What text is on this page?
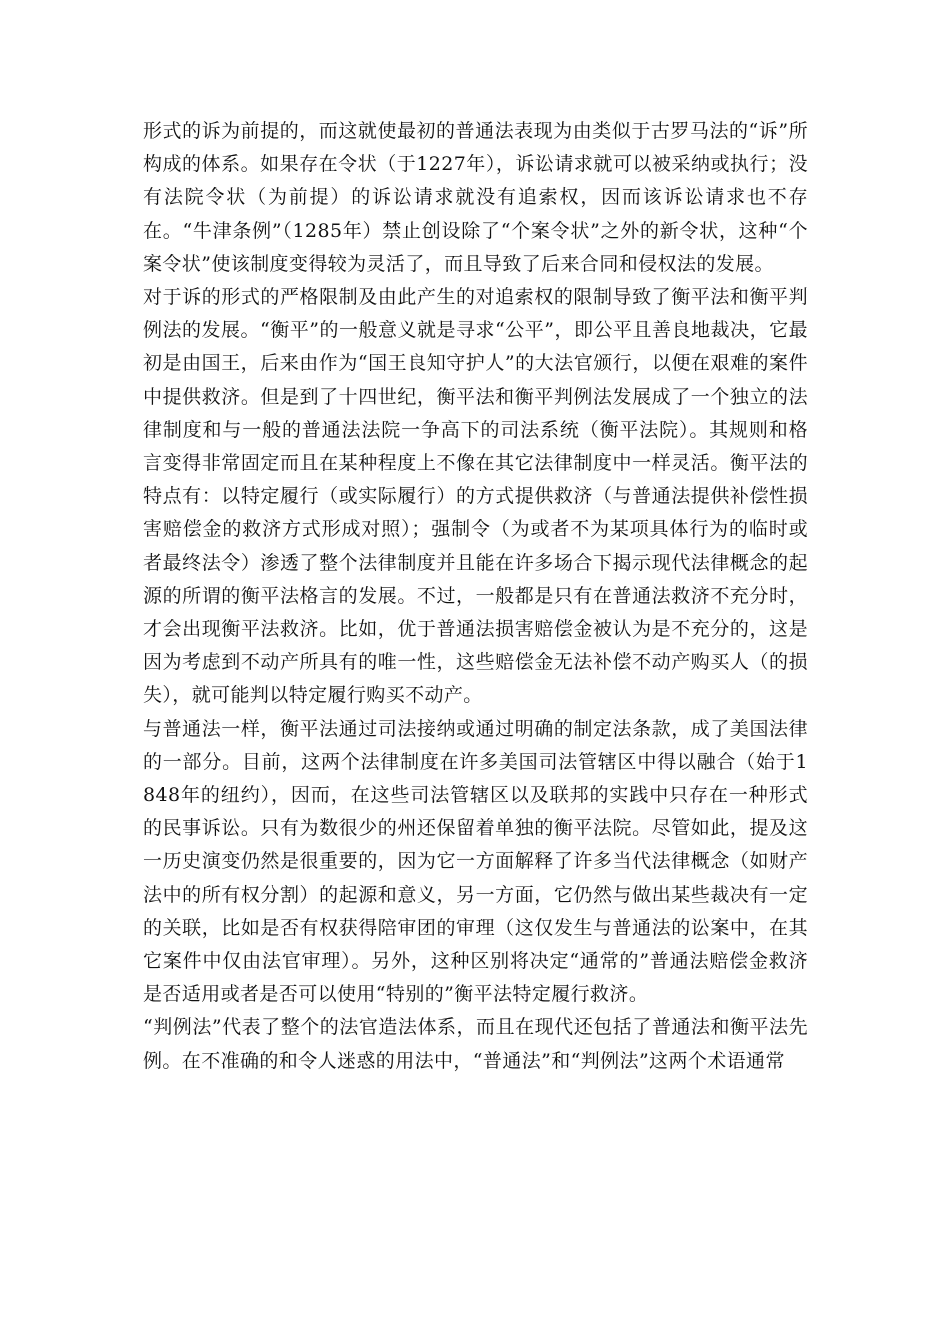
形式的诉为前提的，而这就使最初的普通法表现为由类似于古罗马法的“诉”所构成的体系。如果存在令状（于1227年），诉讼请求就可以被采纳或执行；没有法院令状（为前提）的诉讼请求就没有追索权，因而该诉讼请求也不存在。“牛津条例”（1285年）禁止创设除了“个案令状”之外的新令状，这种“个案令状”使该制度变得较为灵活了，而且导致了后来合同和侵权法的发展。

对于诉的形式的严格限制及由此产生的对追索权的限制导致了衡平法和衡平判例法的发展。“衡平”的一般意义就是寻求“公平”，即公平且善良地裁决，它最初是由国王，后来由作为“国王良知守护人”的大法官颁行，以便在艰难的案件中提供救济。但是到了十四世纪，衡平法和衡平判例法发展成了一个独立的法律制度和与一般的普通法法院一争高下的司法系统（衡平法院）。其规则和格言变得非常固定而且在某种程度上不像在其它法律制度中一样灵活。衡平法的特点有：以特定履行（或实际履行）的方式提供救济（与普通法提供补偿性损害赔偿金的救济方式形成对照）；强制令（为或者不为某项具体行为的临时或者最终法令）渗透了整个法律制度并且能在许多场合下揭示现代法律概念的起源的所谓的衡平法格言的发展。不过，一般都是只有在普通法救济不充分时，才会出现衡平法救济。比如，优于普通法损害赔偿金被认为是不充分的，这是因为考虑到不动产所具有的唯一性，这些赔偿金无法补偿不动产购买人（的损失），就可能判以特定履行购买不动产。

与普通法一样，衡平法通过司法接纳或通过明确的制定法条款，成了美国法律的一部分。目前，这两个法律制度在许多美国司法管辖区中得以融合（始于1848年的纽约），因而，在这些司法管辖区以及联邦的实践中只存在一种形式的民事诉讼。只有为数很少的州还保留着单独的衡平法院。尽管如此，提及这一历史演变仍然是很重要的，因为它一方面解释了许多当代法律概念（如财产法中的所有权分割）的起源和意义，另一方面，它仍然与做出某些裁决有一定的关联，比如是否有权获得陪审团的审理（这仅发生与普通法的讼案中，在其它案件中仅由法官审理）。另外，这种区别将决定“通常的”普通法赔偿金救济是否适用或者是否可以使用“特别的”衡平法特定履行救济。

“判例法”代表了整个的法官造法体系，而且在现代还包括了普通法和衡平法先例。在不准确的和令人迷惑的用法中，“普通法”和“判例法”这两个术语通常
